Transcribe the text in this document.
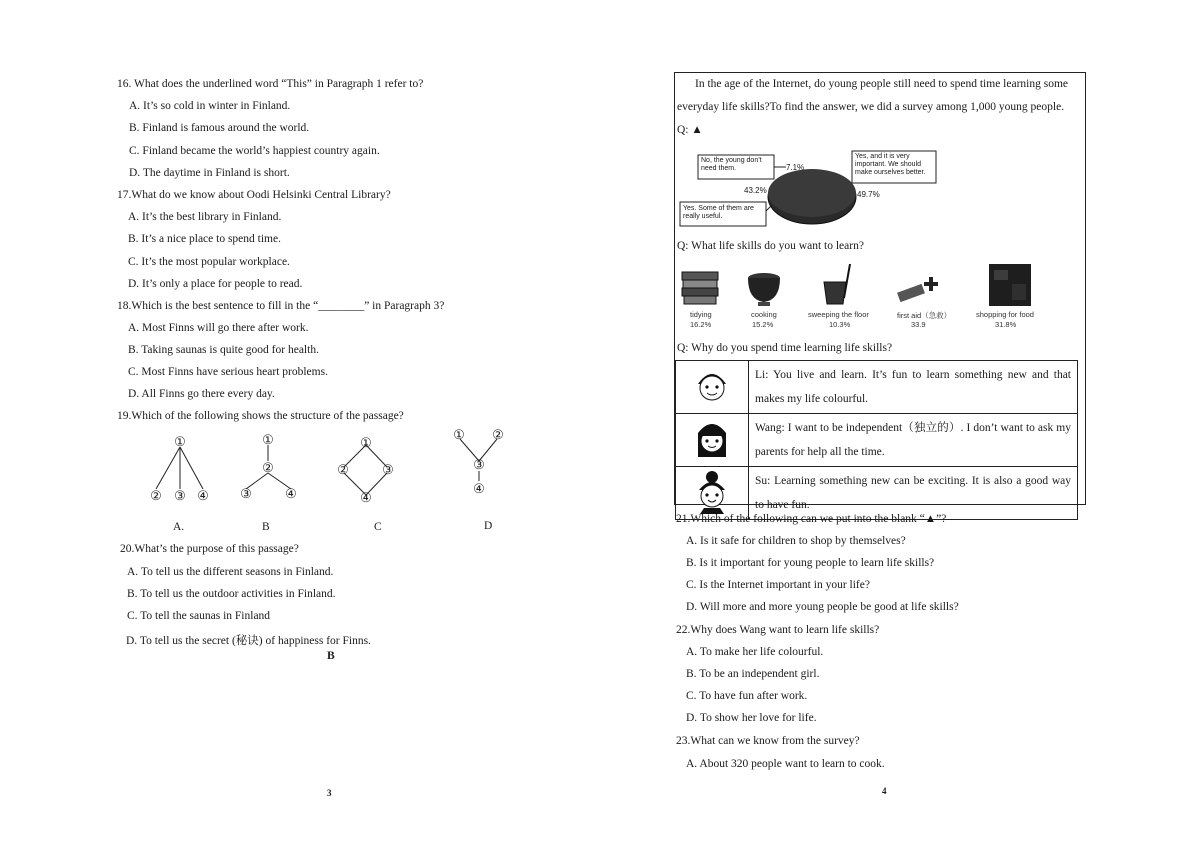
16. What does the underlined word “This” in Paragraph 1 refer to?
A. It’s so cold in winter in Finland.
B. Finland is famous around the world.
C. Finland became the world’s happiest country again.
D. The daytime in Finland is short.
17.What do we know about Oodi Helsinki Central Library?
A. It’s the best library in Finland.
B. It’s a nice place to spend time.
C. It’s the most popular workplace.
D. It’s only a place for people to read.
18.Which is the best sentence to fill in the “________” in Paragraph 3?
A. Most Finns will go there after work.
B. Taking saunas is quite good for health.
C. Most Finns have serious heart problems.
D. All Finns go there every day.
19.Which of the following shows the structure of the passage?
①
② ③ ④
①
②
③	④
①
②	③
④
① ②
③
④
A.	B	C	D
20.What’s the purpose of this passage?
A. To tell us the different seasons in Finland.
B. To tell us the outdoor activities in Finland.
C. To tell the saunas in Finland
D. To tell us the secret (秘诀) of happiness for Finns.
B
3
In the age of the Internet, do young people still need to spend time learning some
everyday life skills?To find the answer, we did a survey among 1,000 young people.
Q: ▲
No, the young don’t
need them.	7.1%
Yes, and it is very
important. We should
make ourselves better.
49.7%
Yes. Some of them are
really useful.
43.2%
Q: What life skills do you want to learn?
tidying
16.2%
cooking
15.2%
sweeping the floor
10.3%
first aid（急救）
33.9
shopping for food
31.8%
Q: Why do you spend time learning life skills?
	Li: You live and learn. It’s fun to learn something new and that makes my life colourful.
	Wang: I want to be independent（独立的）. I don’t want to ask my parents for help all the time.
	Su: Learning something new can be exciting. It is also a good way to have fun.
21.Which of the following can we put into the blank “▲”?
A. Is it safe for children to shop by themselves?
B. Is it important for young people to learn life skills?
C. Is the Internet important in your life?
D. Will more and more young people be good at life skills?
22.Why does Wang want to learn life skills?
A. To make her life colourful.
B. To be an independent girl.
C. To have fun after work.
D. To show her love for life.
23.What can we know from the survey?
A. About 320 people want to learn to cook.
4
